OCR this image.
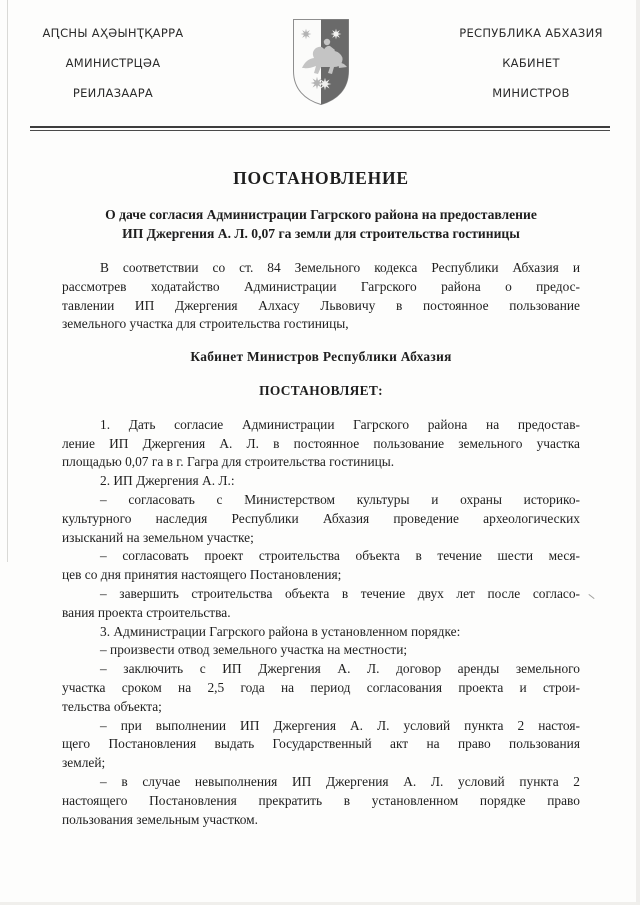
АԤСНЫ АҲӘЫНҬҚАРРА
АМИНИСТРЦӘА
РЕИЛАЗААРА
РЕСПУБЛИКА АБХАЗИЯ
КАБИНЕТ
МИНИСТРОВ
ПОСТАНОВЛЕНИЕ
О даче согласия Администрации Гагрского района на предоставление
ИП Джергения А. Л. 0,07 га земли для строительства гостиницы
В соответствии со ст. 84 Земельного кодекса Республики Абхазия и
рассмотрев ходатайство Администрации Гагрского района о предос-
тавлении ИП Джергения Алхасу Львовичу в постоянное пользование
земельного участка для строительства гостиницы,
Кабинет Министров Республики Абхазия
ПОСТАНОВЛЯЕТ:
1. Дать согласие Администрации Гагрского района на предостав-
ление ИП Джергения А. Л. в постоянное пользование земельного участка
площадью 0,07 га в г. Гагра для строительства гостиницы.
2. ИП Джергения А. Л.:
– согласовать с Министерством культуры и охраны историко-
культурного наследия Республики Абхазия проведение археологических
изысканий на земельном участке;
– согласовать проект строительства объекта в течение шести меся-
цев со дня принятия настоящего Постановления;
– завершить строительства объекта в течение двух лет после согласо-
вания проекта строительства.
3. Администрации Гагрского района в установленном порядке:
– произвести отвод земельного участка на местности;
– заключить с ИП Джергения А. Л. договор аренды земельного
участка сроком на 2,5 года на период согласования проекта и строи-
тельства объекта;
– при выполнении ИП Джергения А. Л. условий пункта 2 настоя-
щего Постановления выдать Государственный акт на право пользования
землей;
– в случае невыполнения ИП Джергения А. Л. условий пункта 2
настоящего Постановления прекратить в установленном порядке право
пользования земельным участком.
